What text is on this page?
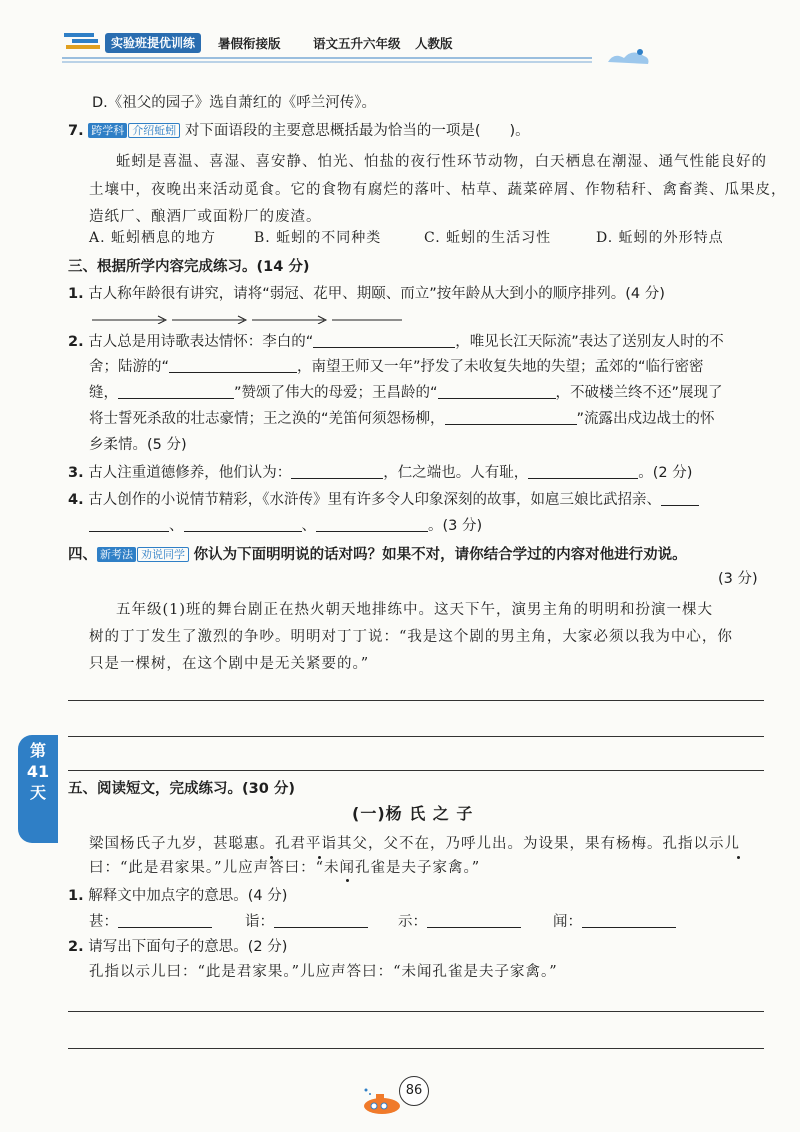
实验班提优训练	暑假衔接版	语文五升六年级 人教版
D.《祖父的园子》选自萧红的《呼兰河传》。
7. 跨学科 介绍蚯蚓 对下面语段的主要意思概括最为恰当的一项是(　　)。
蚯蚓是喜温、喜湿、喜安静、怕光、怕盐的夜行性环节动物，白天栖息在潮湿、通气性能良好的
土壤中，夜晚出来活动觅食。它的食物有腐烂的落叶、枯草、蔬菜碎屑、作物秸秆、禽畜粪、瓜果皮，
造纸厂、酿酒厂或面粉厂的废渣。
A. 蚯蚓栖息的地方	B. 蚯蚓的不同种类	C. 蚯蚓的生活习性	D. 蚯蚓的外形特点
三、根据所学内容完成练习。(14 分)
1. 古人称年龄很有讲究，请将“弱冠、花甲、期颐、而立”按年龄从大到小的顺序排列。(4 分)
2. 古人总是用诗歌表达情怀：李白的“	，唯见长江天际流”表达了送别友人时的不
舍；陆游的“	，南望王师又一年”抒发了未收复失地的失望；孟郊的“临行密密
缝，	”赞颂了伟大的母爱；王昌龄的“	，不破楼兰终不还”展现了
将士誓死杀敌的壮志豪情；王之涣的“羌笛何须怨杨柳，	”流露出戍边战士的怀
乡柔情。(5 分)
3. 古人注重道德修养，他们认为：	，仁之端也。人有耻，	。(2 分)
4. 古人创作的小说情节精彩，《水浒传》里有许多令人印象深刻的故事，如扈三娘比武招亲、
、	、	。(3 分)
四、 新考法 劝说同学 你认为下面明明说的话对吗？如果不对，请你结合学过的内容对他进行劝说。
(3 分)
五年级(1)班的舞台剧正在热火朝天地排练中。这天下午，演男主角的明明和扮演一棵大
树的丁丁发生了激烈的争吵。明明对丁丁说：“我是这个剧的男主角，大家必须以我为中心，你
只是一棵树，在这个剧中是无关紧要的。”
第41天	五、阅读短文，完成练习。(30 分)
(一)杨 氏 之 子
梁国杨氏子九岁，甚聪惠。孔君平诣其父，父不在，乃呼儿出。为设果，果有杨梅。孔指以示儿
曰：“此是君家果。”儿应声答曰：“未闻孔雀是夫子家禽。”
1. 解释文中加点字的意思。(4 分)
甚：	诣：	示：	闻：
2. 请写出下面句子的意思。(2 分)
孔指以示儿曰：“此是君家果。”儿应声答曰：“未闻孔雀是夫子家禽。”
86
